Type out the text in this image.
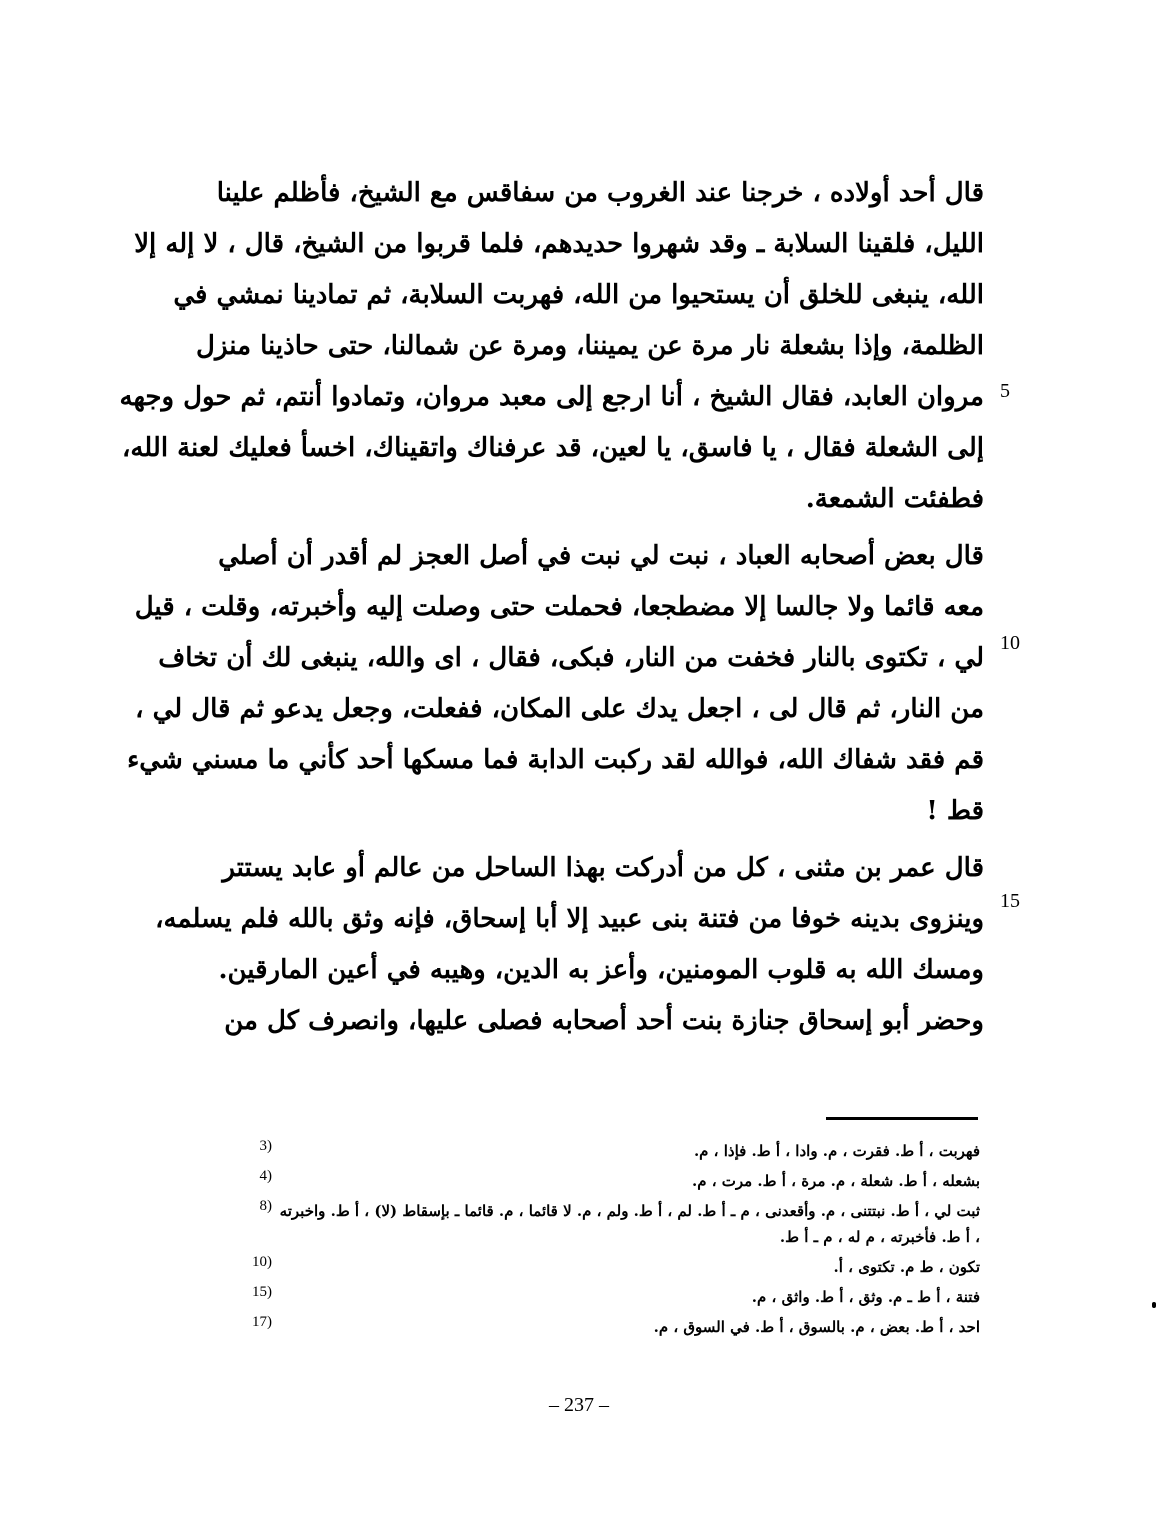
قال أحد أولاده ، خرجنا عند الغروب من سفاقس مع الشيخ، فأظلم علينا
الليل، فلقينا السلابة ـ وقد شهروا حديدهم، فلما قربوا من الشيخ، قال ، لا إله إلا
الله، ينبغى للخلق أن يستحيوا من الله، فهربت السلابة، ثم تمادينا نمشي في
الظلمة، وإذا بشعلة نار مرة عن يميننا، ومرة عن شمالنا، حتى حاذينا منزل
مروان العابد، فقال الشيخ ، أنا ارجع إلى معبد مروان، وتمادوا أنتم، ثم حول وجهه
إلى الشعلة فقال ، يا فاسق، يا لعين، قد عرفناك واتقيناك، اخسأ فعليك لعنة الله،
فطفئت الشمعة.
قال بعض أصحابه العباد ، نبت لي نبت في أصل العجز لم أقدر أن أصلي
معه قائما ولا جالسا إلا مضطجعا، فحملت حتى وصلت إليه وأخبرته، وقلت ، قيل
لي ، تكتوى بالنار فخفت من النار، فبكى، فقال ، اى والله، ينبغى لك أن تخاف
من النار، ثم قال لى ، اجعل يدك على المكان، ففعلت، وجعل يدعو ثم قال لي ،
قم فقد شفاك الله، فوالله لقد ركبت الدابة فما مسكها أحد كأني ما مسني شيء
قط !
قال عمر بن مثنى ، كل من أدركت بهذا الساحل من عالم أو عابد يستتر
وينزوى بدينه خوفا من فتنة بنى عبيد إلا أبا إسحاق، فإنه وثق بالله فلم يسلمه،
ومسك الله به قلوب المومنين، وأعز به الدين، وهيبه في أعين المارقين.
وحضر أبو إسحاق جنازة بنت أحد أصحابه فصلى عليها، وانصرف كل من
5
10
15
فهربت ، أ ط. فقرت ، م. وادا ، أ ط. فإذا ، م.
3)
بشعله ، أ ط. شعلة ، م. مرة ، أ ط. مرت ، م.
4)
ثبت لي ، أ ط. نبتتنى ، م. وأقعدنى ، م ـ أ ط. لم ، أ ط. ولم ، م. لا قائما ، م. قائما ـ بإسقاط (لا) ، أ ط. واخبرته ، أ ط. فأخبرته ، م له ، م ـ أ ط.
8)
تكون ، ط م. تكتوى ، أ.
10)
فتنة ، أ ط ـ م. وثق ، أ ط. واثق ، م.
15)
احد ، أ ط. بعض ، م. بالسوق ، أ ط. في السوق ، م.
17)
– 237 –
